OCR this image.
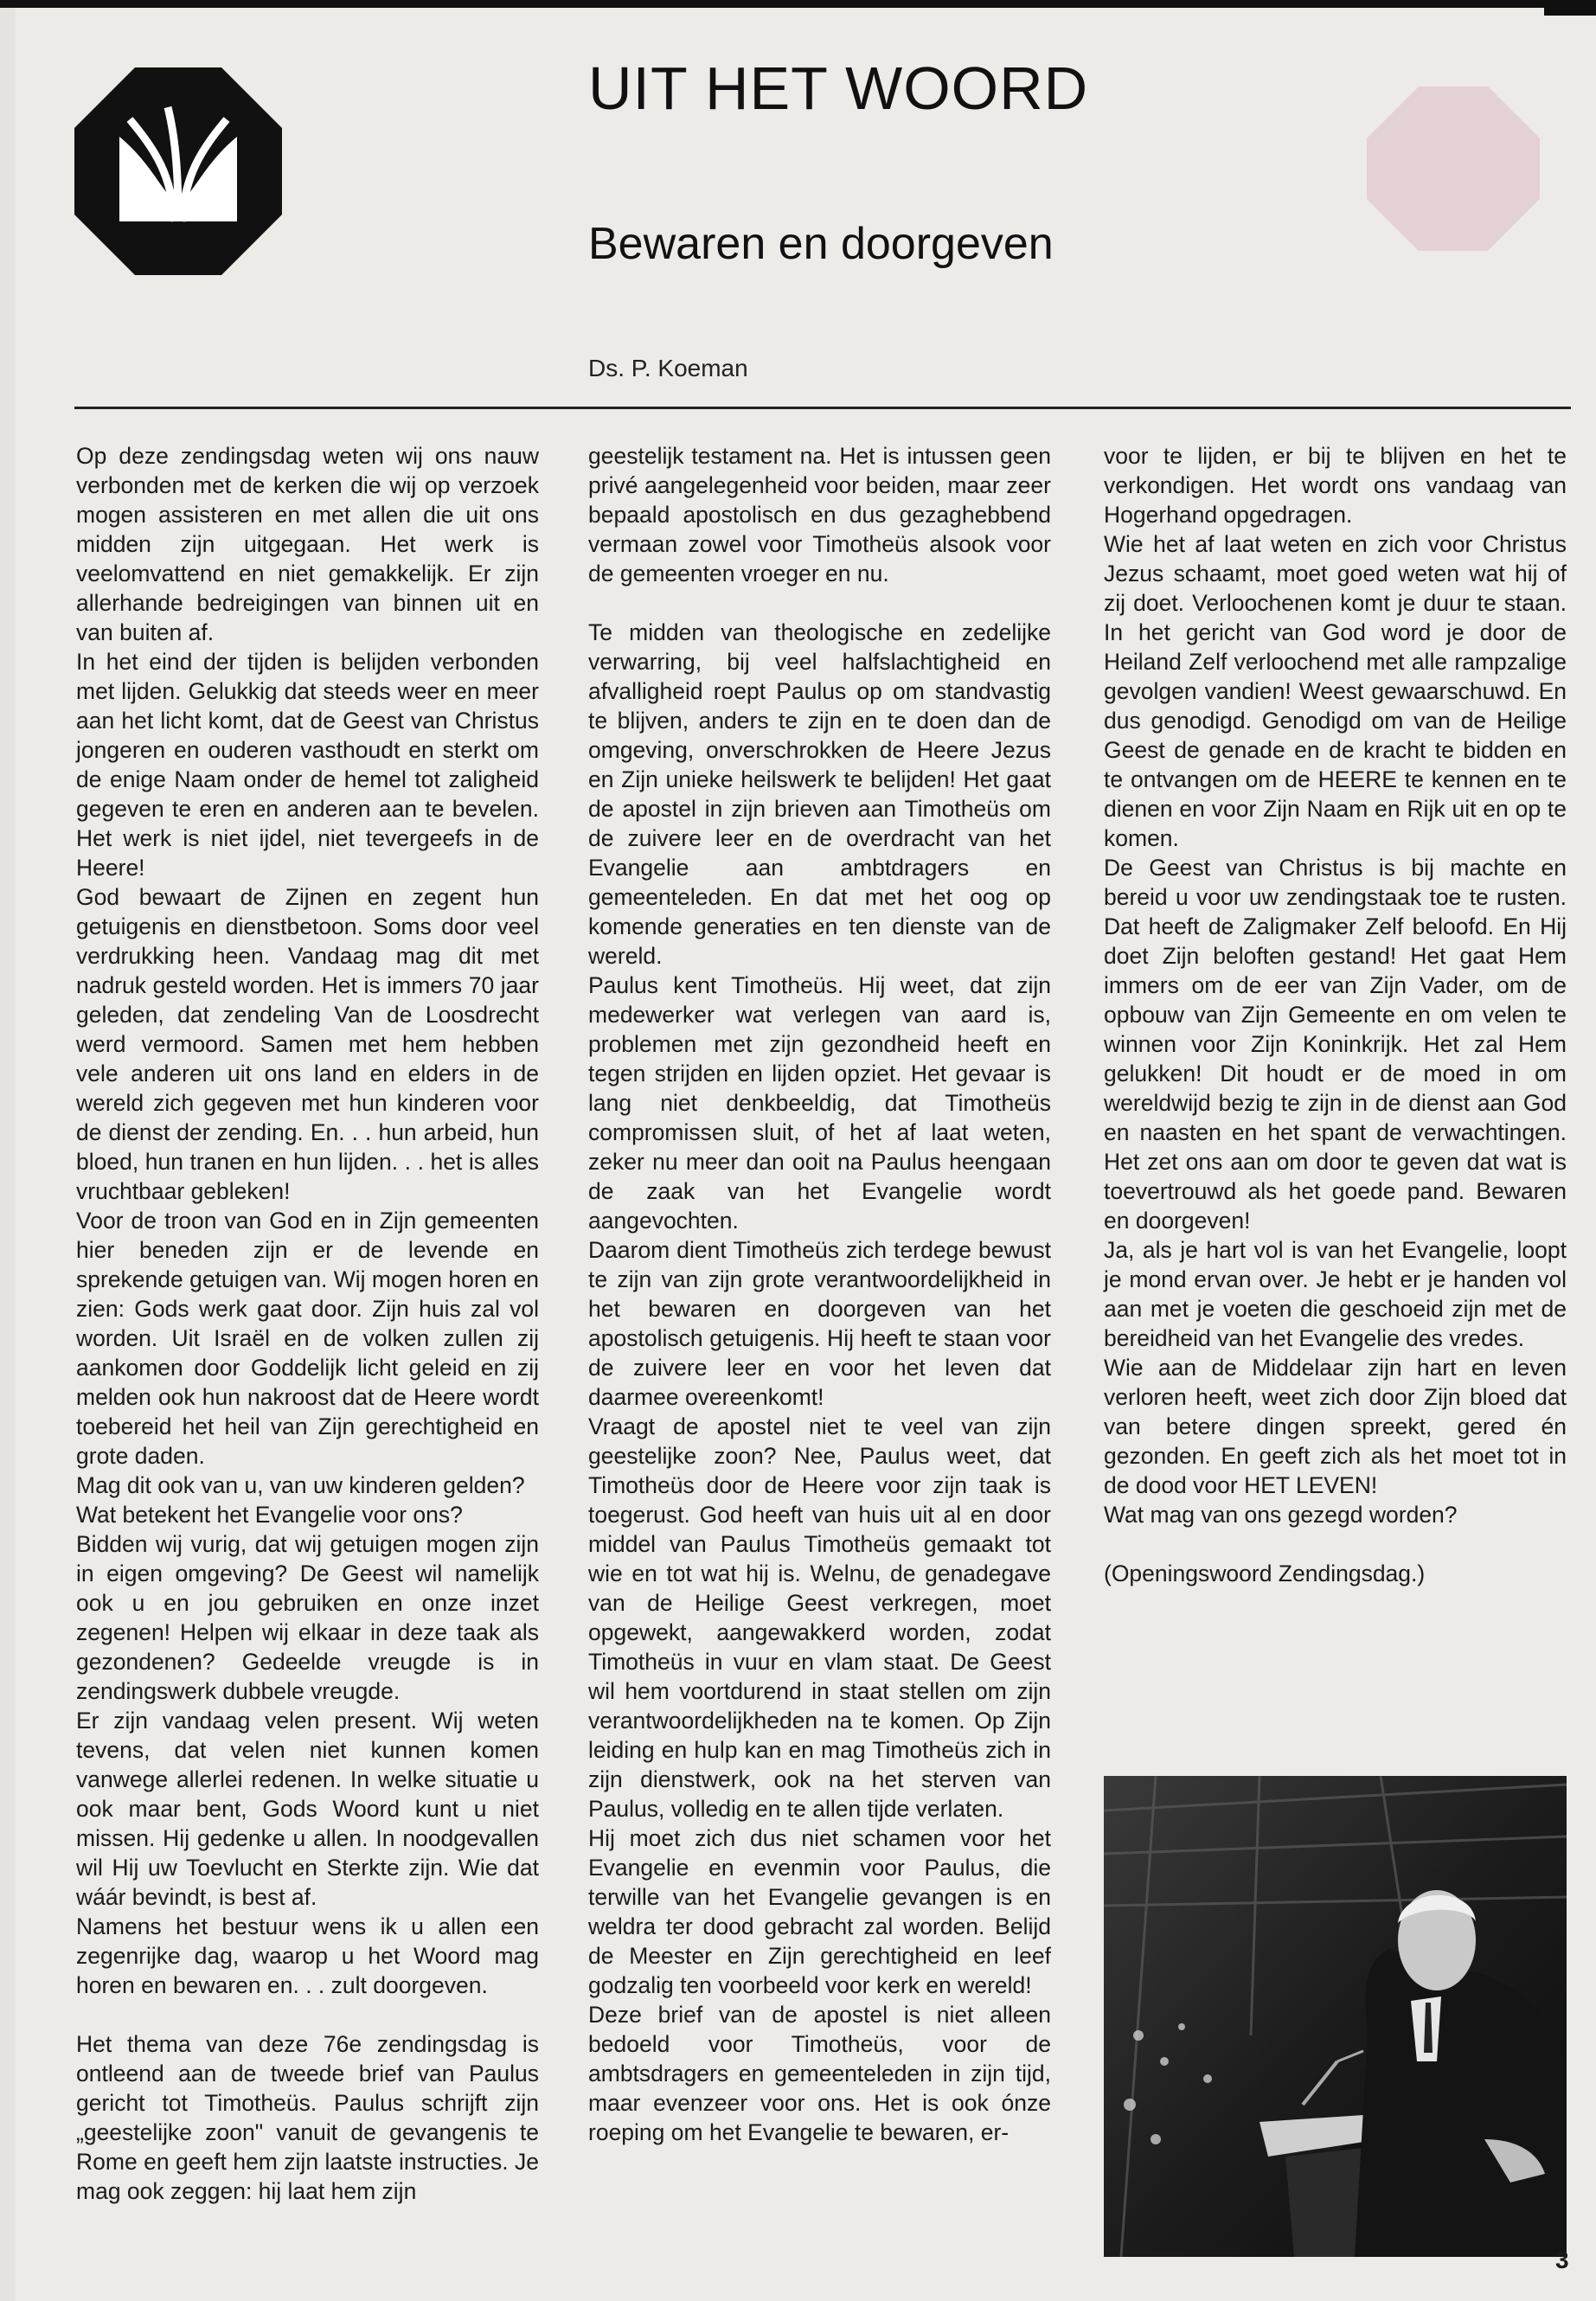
UIT HET WOORD
Bewaren en doorgeven
Ds. P. Koeman

Op deze zendingsdag weten wij ons nauw verbonden met de kerken die wij op verzoek mogen assisteren en met allen die uit ons midden zijn uitgegaan. Het werk is veelomvattend en niet gemakkelijk. Er zijn allerhande bedreigingen van binnen uit en van buiten af.

In het eind der tijden is belijden verbonden met lijden. Gelukkig dat steeds weer en meer aan het licht komt, dat de Geest van Christus jongeren en ouderen vasthoudt en sterkt om de enige Naam onder de hemel tot zaligheid gegeven te eren en anderen aan te bevelen. Het werk is niet ijdel, niet tevergeefs in de Heere!

God bewaart de Zijnen en zegent hun getuigenis en dienstbetoon. Soms door veel verdrukking heen. Vandaag mag dit met nadruk gesteld worden. Het is immers 70 jaar geleden, dat zendeling Van de Loosdrecht werd vermoord. Samen met hem hebben vele anderen uit ons land en elders in de wereld zich gegeven met hun kinderen voor de dienst der zending. En. . . hun arbeid, hun bloed, hun tranen en hun lijden. . . het is alles vruchtbaar gebleken!

Voor de troon van God en in Zijn gemeenten hier beneden zijn er de levende en sprekende getuigen van. Wij mogen horen en zien: Gods werk gaat door. Zijn huis zal vol worden. Uit Israël en de volken zullen zij aankomen door Goddelijk licht geleid en zij melden ook hun nakroost dat de Heere wordt toebereid het heil van Zijn gerechtigheid en grote daden.

Mag dit ook van u, van uw kinderen gelden?

Wat betekent het Evangelie voor ons?

Bidden wij vurig, dat wij getuigen mogen zijn in eigen omgeving? De Geest wil namelijk ook u en jou gebruiken en onze inzet zegenen! Helpen wij elkaar in deze taak als gezondenen? Gedeelde vreugde is in zendingswerk dubbele vreugde.

Er zijn vandaag velen present. Wij weten tevens, dat velen niet kunnen komen vanwege allerlei redenen. In welke situatie u ook maar bent, Gods Woord kunt u niet missen. Hij gedenke u allen. In noodgevallen wil Hij uw Toevlucht en Sterkte zijn. Wie dat wáár bevindt, is best af.

Namens het bestuur wens ik u allen een zegenrijke dag, waarop u het Woord mag horen en bewaren en. . . zult doorgeven.

Het thema van deze 76e zendingsdag is ontleend aan de tweede brief van Paulus gericht tot Timotheüs. Paulus schrijft zijn „geestelijke zoon" vanuit de gevangenis te Rome en geeft hem zijn laatste instructies. Je mag ook zeggen: hij laat hem zijn

geestelijk testament na. Het is intussen geen privé aangelegenheid voor beiden, maar zeer bepaald apostolisch en dus gezaghebbend vermaan zowel voor Timotheüs alsook voor de gemeenten vroeger en nu.

Te midden van theologische en zedelijke verwarring, bij veel halfslachtigheid en afvalligheid roept Paulus op om standvastig te blijven, anders te zijn en te doen dan de omgeving, onverschrokken de Heere Jezus en Zijn unieke heilswerk te belijden! Het gaat de apostel in zijn brieven aan Timotheüs om de zuivere leer en de overdracht van het Evangelie aan ambtdragers en gemeenteleden. En dat met het oog op komende generaties en ten dienste van de wereld.

Paulus kent Timotheüs. Hij weet, dat zijn medewerker wat verlegen van aard is, problemen met zijn gezondheid heeft en tegen strijden en lijden opziet. Het gevaar is lang niet denkbeeldig, dat Timotheüs compromissen sluit, of het af laat weten, zeker nu meer dan ooit na Paulus heengaan de zaak van het Evangelie wordt aangevochten.

Daarom dient Timotheüs zich terdege bewust te zijn van zijn grote verantwoordelijkheid in het bewaren en doorgeven van het apostolisch getuigenis. Hij heeft te staan voor de zuivere leer en voor het leven dat daarmee overeenkomt!

Vraagt de apostel niet te veel van zijn geestelijke zoon? Nee, Paulus weet, dat Timotheüs door de Heere voor zijn taak is toegerust. God heeft van huis uit al en door middel van Paulus Timotheüs gemaakt tot wie en tot wat hij is. Welnu, de genadegave van de Heilige Geest verkregen, moet opgewekt, aangewakkerd worden, zodat Timotheüs in vuur en vlam staat. De Geest wil hem voortdurend in staat stellen om zijn verantwoordelijkheden na te komen. Op Zijn leiding en hulp kan en mag Timotheüs zich in zijn dienstwerk, ook na het sterven van Paulus, volledig en te allen tijde verlaten.

Hij moet zich dus niet schamen voor het Evangelie en evenmin voor Paulus, die terwille van het Evangelie gevangen is en weldra ter dood gebracht zal worden. Belijd de Meester en Zijn gerechtigheid en leef godzalig ten voorbeeld voor kerk en wereld!

Deze brief van de apostel is niet alleen bedoeld voor Timotheüs, voor de ambtsdragers en gemeenteleden in zijn tijd, maar evenzeer voor ons. Het is ook ónze roeping om het Evangelie te bewaren, er-

voor te lijden, er bij te blijven en het te verkondigen. Het wordt ons vandaag van Hogerhand opgedragen.

Wie het af laat weten en zich voor Christus Jezus schaamt, moet goed weten wat hij of zij doet. Verloochenen komt je duur te staan. In het gericht van God word je door de Heiland Zelf verloochend met alle rampzalige gevolgen vandien! Weest gewaarschuwd. En dus genodigd. Genodigd om van de Heilige Geest de genade en de kracht te bidden en te ontvangen om de HEERE te kennen en te dienen en voor Zijn Naam en Rijk uit en op te komen.

De Geest van Christus is bij machte en bereid u voor uw zendingstaak toe te rusten. Dat heeft de Zaligmaker Zelf beloofd. En Hij doet Zijn beloften gestand! Het gaat Hem immers om de eer van Zijn Vader, om de opbouw van Zijn Gemeente en om velen te winnen voor Zijn Koninkrijk. Het zal Hem gelukken! Dit houdt er de moed in om wereldwijd bezig te zijn in de dienst aan God en naasten en het spant de verwachtingen. Het zet ons aan om door te geven dat wat is toevertrouwd als het goede pand. Bewaren en doorgeven!

Ja, als je hart vol is van het Evangelie, loopt je mond ervan over. Je hebt er je handen vol aan met je voeten die geschoeid zijn met de bereidheid van het Evangelie des vredes.

Wie aan de Middelaar zijn hart en leven verloren heeft, weet zich door Zijn bloed dat van betere dingen spreekt, gered én gezonden. En geeft zich als het moet tot in de dood voor HET LEVEN!

Wat mag van ons gezegd worden?

(Openingswoord Zendingsdag.)

3
